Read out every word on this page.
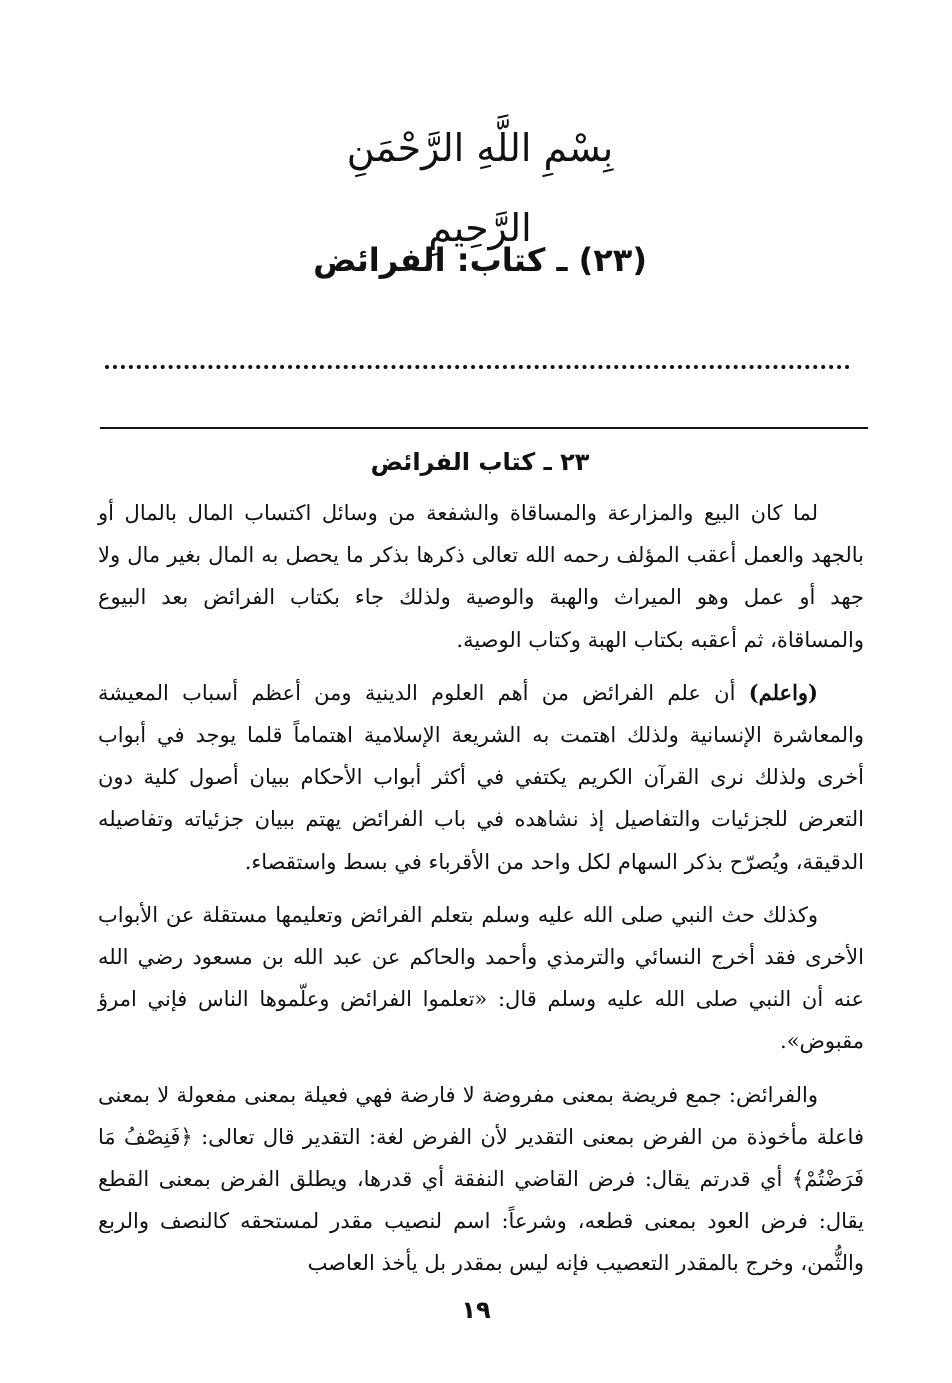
بِسْمِ اللَّهِ الرَّحْمَنِ الرَّحِيمِ
(٢٣) ـ كتاب: الفرائض
٢٣ ـ كتاب الفرائض

لما كان البيع والمزارعة والمساقاة والشفعة من وسائل اكتساب المال بالمال أو بالجهد والعمل أعقب المؤلف رحمه الله تعالى ذكرها بذكر ما يحصل به المال بغير مال ولا جهد أو عمل وهو الميراث والهبة والوصية ولذلك جاء بكتاب الفرائض بعد البيوع والمساقاة، ثم أعقبه بكتاب الهبة وكتاب الوصية.

(واعلم) أن علم الفرائض من أهم العلوم الدينية ومن أعظم أسباب المعيشة والمعاشرة الإنسانية ولذلك اهتمت به الشريعة الإسلامية اهتماماً قلما يوجد في أبواب أخرى ولذلك نرى القرآن الكريم يكتفي في أكثر أبواب الأحكام ببيان أصول كلية دون التعرض للجزئيات والتفاصيل إذ نشاهده في باب الفرائض يهتم ببيان جزئياته وتفاصيله الدقيقة، ويُصرّح بذكر السهام لكل واحد من الأقرباء في بسط واستقصاء.

وكذلك حث النبي صلى الله عليه وسلم بتعلم الفرائض وتعليمها مستقلة عن الأبواب الأخرى فقد أخرج النسائي والترمذي وأحمد والحاكم عن عبد الله بن مسعود رضي الله عنه أن النبي صلى الله عليه وسلم قال: «تعلموا الفرائض وعلّموها الناس فإني امرؤ مقبوض».

والفرائض: جمع فريضة بمعنى مفروضة لا فارضة فهي فعيلة بمعنى مفعولة لا بمعنى فاعلة مأخوذة من الفرض بمعنى التقدير لأن الفرض لغة: التقدير قال تعالى: ﴿فَنِصْفُ مَا فَرَضْتُمْ﴾ أي قدرتم يقال: فرض القاضي النفقة أي قدرها، ويطلق الفرض بمعنى القطع يقال: فرض العود بمعنى قطعه، وشرعاً: اسم لنصيب مقدر لمستحقه كالنصف والربع والثُّمن، وخرج بالمقدر التعصيب فإنه ليس بمقدر بل يأخذ العاصب

١٩
